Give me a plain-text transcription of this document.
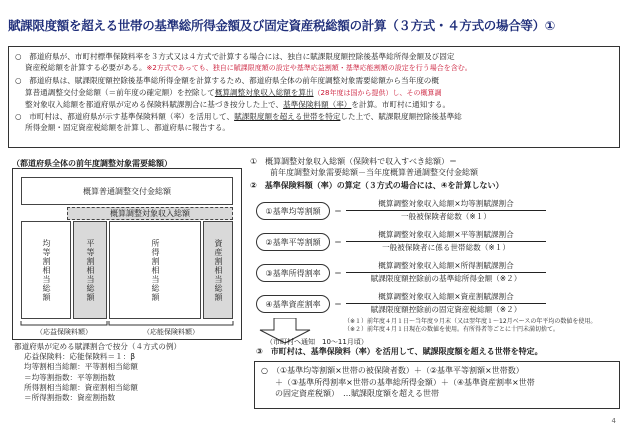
賦課限度額を超える世帯の基準総所得金額及び固定資産税総額の計算（３方式・４方式の場合等）①

○　都道府県が、市町村標準保険料率を３方式又は４方式で計算する場合には、独自に賦課限度額控除後基準総所得金額及び固定
資産税総額を計算する必要がある。※2方式であっても、独自に賦課限度額の設定や基準応益割額・基準応能割額の設定を行う場合を含む。

○　都道府県は、賦課限度額控除後基準総所得金額を計算するため、都道府県全体の前年度調整対象需要総額から当年度の概
算普通調整交付金総額（＝前年度の確定額）を控除して概算調整対象収入総額を算出（28年度は国から提供）し、その概算調
整対象収入総額を都道府県が定める保険料賦課割合に基づき按分した上で、基準保険料額（率）を計算。市町村に通知する。

○　市町村は、都道府県が示す基準保険料額（率）を活用して、賦課限度額を超える世帯を特定した上で、賦課限度額控除後基準総
所得金額・固定資産税総額を計算し、都道府県に報告する。

（都道府県全体の前年度調整対象需要総額）
概算普通調整交付金総額
概算調整対象収入総額
均等割相当総額	平等割相当総額	所得割相当総額	資産割相当総額
（応益保険料額）	（応能保険料額）
都道府県が定める賦課割合で按分（４方式の例）
応益保険料：応能保険料＝１：β
均等割相当総額：平等割相当総額
＝均等割指数：平等割指数
所得割相当総額：資産割相当総額
＝所得割指数：資産割指数
①　概算調整対象収入総額（保険料で収入すべき総額）＝
前年度調整対象需要総額－当年度概算普通調整交付金総額
②　基準保険料額（率）の算定（３方式の場合には、④を計算しない）
①基準均等割額	＝
概算調整対象収入総額×均等割賦課割合
一般被保険者総数（※１）
②基準平等割額	＝
概算調整対象収入総額×平等割賦課割合
一般被保険者に係る世帯総数（※１）
③基準所得割率	＝
概算調整対象収入総額×所得割賦課割合
賦課限度額控除前の基準総所得金額（※２）
④基準資産割率	＝
概算調整対象収入総額×資産割賦課割合
賦課限度額控除前の固定資産税総額（※２）
（※１）前年度４月１日～当年度９月末（又は翌年度１～12月ベースの年平均の数値を使用。
（※２）前年度４月１日現在の数値を使用。有所得者等ごとに十円未満切捨て。
（市町村へ通知　10～11月頃）
③　市町村は、基準保険料（率）を活用して、賦課限度額を超える世帯を特定。
○　（①基準均等割額×世帯の被保険者数）＋（②基準平等割額×世帯数）
＋（③基準所得割率×世帯の基準総所得金額）＋（④基準資産割率×世帯
の固定資産税額）　…賦課限度額を超える世帯
4
